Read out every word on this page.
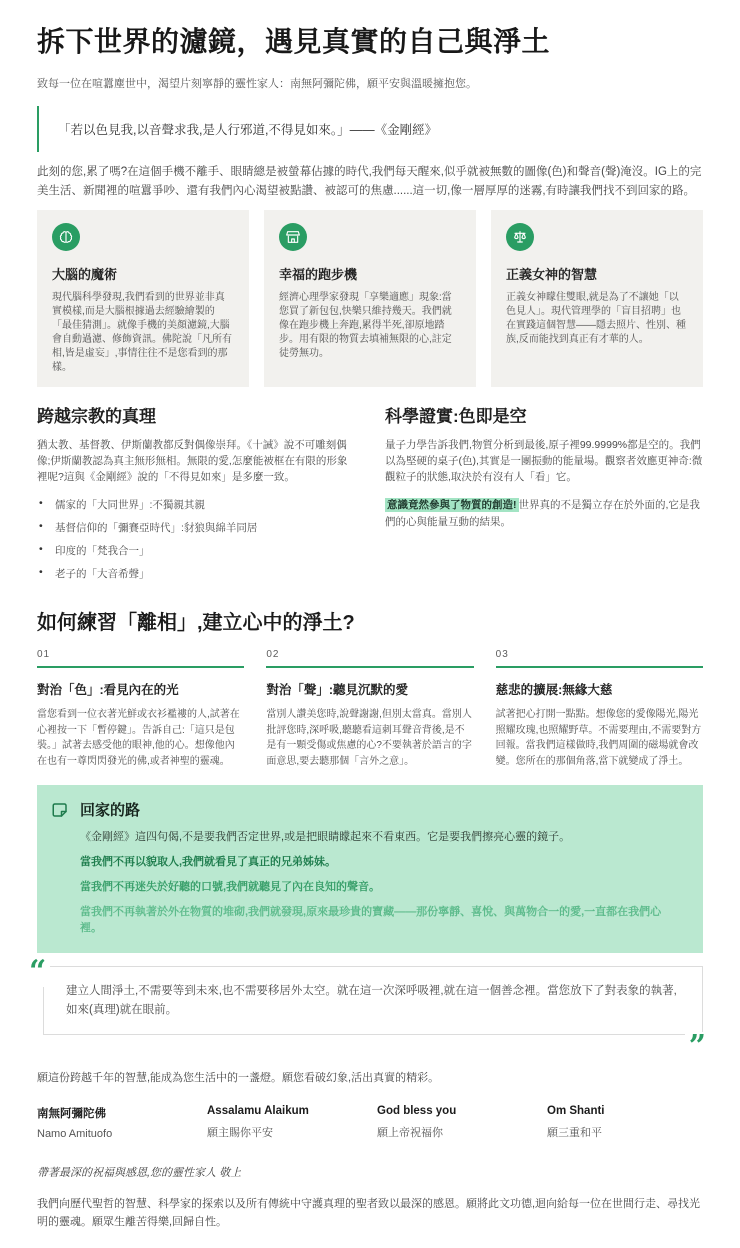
拆下世界的濾鏡，遇見真實的自己與淨土
致每一位在喧囂塵世中，渴望片刻寧靜的靈性家人：南無阿彌陀佛，願平安與溫暖擁抱您。
「若以色見我,以音聲求我,是人行邪道,不得見如來。」——《金剛經》

此刻的您,累了嗎?在這個手機不離手、眼睛總是被螢幕佔據的時代,我們每天醒來,似乎就被無數的圖像(色)和聲音(聲)淹沒。IG上的完美生活、新聞裡的喧囂爭吵、還有我們內心渴望被點讚、被認可的焦慮......這一切,像一層厚厚的迷霧,有時讓我們找不到回家的路。

大腦的魔術

現代腦科學發現,我們看到的世界並非真實模樣,而是大腦根據過去經驗繪製的「最佳猜測」。就像手機的美顏濾鏡,大腦會自動過濾、修飾資訊。佛陀說「凡所有相,皆是虛妄」,事情往往不是您看到的那樣。

幸福的跑步機

經濟心理學家發現「享樂適應」現象:當您買了新包包,快樂只維持幾天。我們就像在跑步機上奔跑,累得半死,卻原地踏步。用有限的物質去填補無限的心,註定徒勞無功。

正義女神的智慧

正義女神矇住雙眼,就是為了不讓她「以色見人」。現代管理學的「盲目招聘」也在實踐這個智慧——隱去照片、性別、種族,反而能找到真正有才華的人。

跨越宗教的真理

猶太教、基督教、伊斯蘭教都反對偶像崇拜。《十誡》說不可雕刻偶像;伊斯蘭教認為真主無形無相。無限的愛,怎麼能被框在有限的形象裡呢?這與《金剛經》說的「不得見如來」是多麼一致。

• 儒家的「大同世界」:不獨親其親
• 基督信仰的「彌賽亞時代」:豺狼與綿羊同居
• 印度的「梵我合一」
• 老子的「大音希聲」
科學證實:色即是空

量子力學告訴我們,物質分析到最後,原子裡99.9999%都是空的。我們以為堅硬的桌子(色),其實是一團振動的能量場。觀察者效應更神奇:微觀粒子的狀態,取決於有沒有人「看」它。

意識竟然參與了物質的創造! 世界真的不是獨立存在於外面的,它是我們的心與能量互動的結果。

如何練習「離相」,建立心中的淨土?
01
對治「色」:看見內在的光

當您看到一位衣著光鮮或衣衫襤褸的人,試著在心裡按一下「暫停鍵」。告訴自己:「這只是包裝。」試著去感受他的眼神,他的心。想像他內在也有一尊閃閃發光的佛,或者神聖的靈魂。

02
對治「聲」:聽見沉默的愛

當別人讚美您時,說聲謝謝,但別太當真。當別人批評您時,深呼吸,聽聽看這刺耳聲音背後,是不是有一顆受傷或焦慮的心?不要執著於語言的字面意思,要去聽那個「言外之意」。

03
慈悲的擴展:無緣大慈

試著把心打開一點點。想像您的愛像陽光,陽光照耀玫瑰,也照耀野草。不需要理由,不需要對方回報。當我們這樣做時,我們周圍的磁場就會改變。您所在的那個角落,當下就變成了淨土。

回家的路

《金剛經》這四句偈,不是要我們否定世界,或是把眼睛矇起來不看東西。它是要我們擦亮心靈的鏡子。

當我們不再以貌取人,我們就看見了真正的兄弟姊妹。

當我們不再迷失於好聽的口號,我們就聽見了內在良知的聲音。

當我們不再執著於外在物質的堆砌,我們就發現,原來最珍貴的寶藏——那份寧靜、喜悅、與萬物合一的愛,一直都在我們心裡。

“
建立人間淨土,不需要等到未來,也不需要移居外太空。就在這一次深呼吸裡,就在這一個善念裡。當您放下了對表象的執著,如來(真理)就在眼前。
”

願這份跨越千年的智慧,能成為您生活中的一盞燈。願您看破幻象,活出真實的精彩。

南無阿彌陀佛
Namo Amituofo
Assalamu Alaikum
願主賜你平安
God bless you
願上帝祝福你
Om Shanti
願三重和平

帶著最深的祝福與感恩,您的靈性家人 敬上

我們向歷代聖哲的智慧、科學家的探索以及所有傳統中守護真理的聖者致以最深的感恩。願將此文功德,迴向給每一位在世間行走、尋找光明的靈魂。願眾生離苦得樂,回歸自性。
